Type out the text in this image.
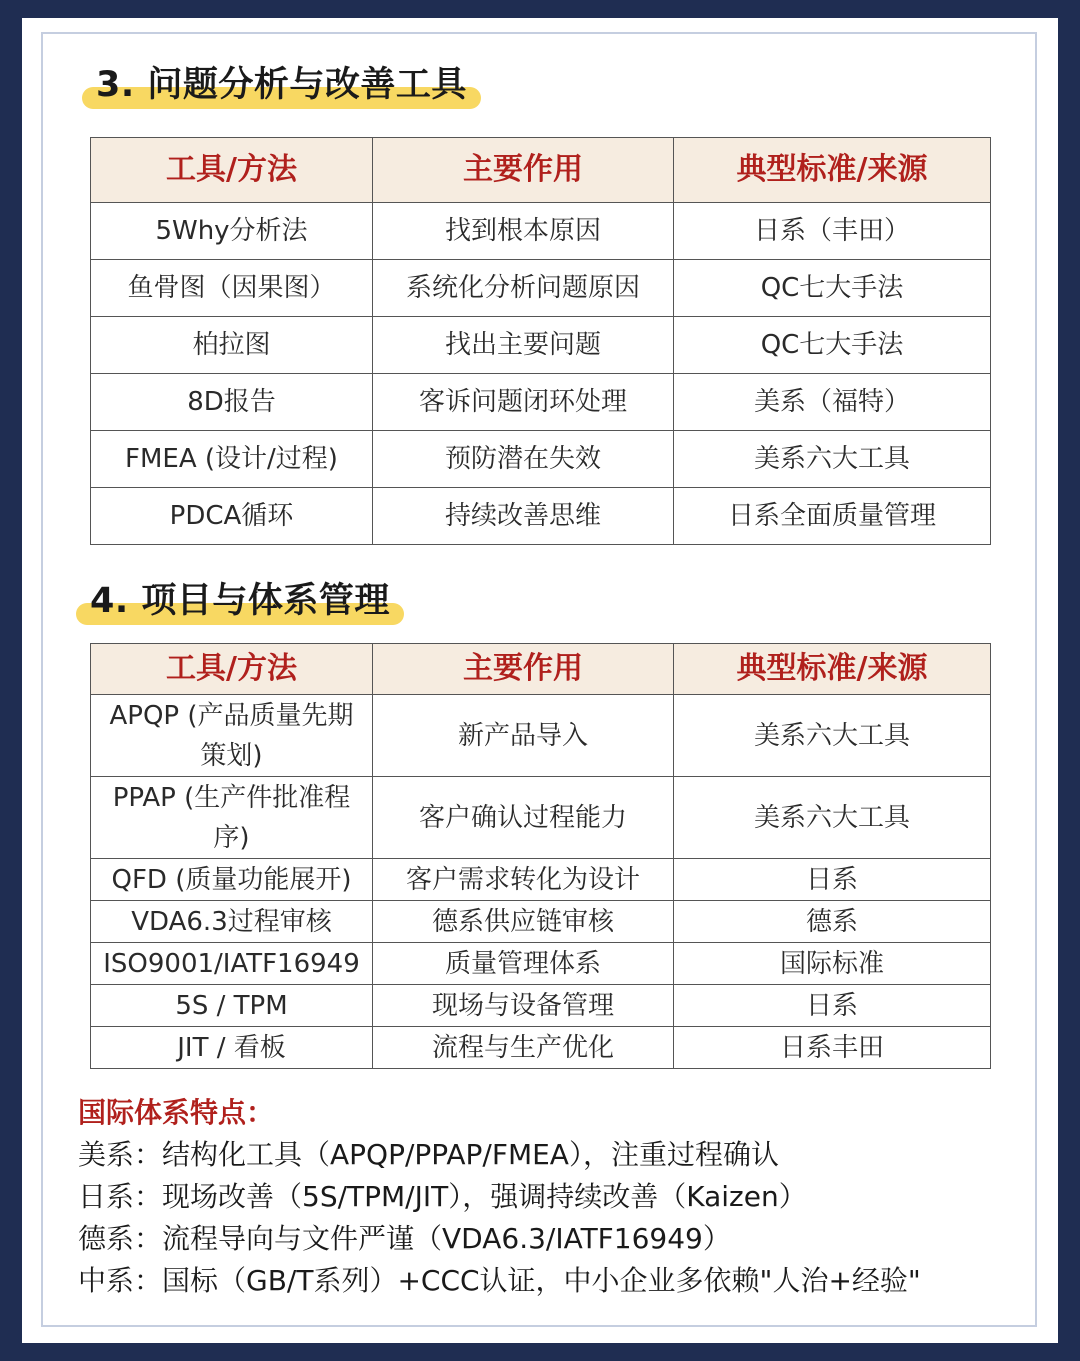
3. 问题分析与改善工具
工具/方法	主要作用	典型标准/来源
5Why分析法	找到根本原因	日系（丰田）
鱼骨图（因果图）	系统化分析问题原因	QC七大手法
柏拉图	找出主要问题	QC七大手法
8D报告	客诉问题闭环处理	美系（福特）
FMEA (设计/过程)	预防潜在失效	美系六大工具
PDCA循环	持续改善思维	日系全面质量管理
4. 项目与体系管理
工具/方法	主要作用	典型标准/来源
APQP (产品质量先期策划)	新产品导入	美系六大工具
PPAP (生产件批准程序)	客户确认过程能力	美系六大工具
QFD (质量功能展开)	客户需求转化为设计	日系
VDA6.3过程审核	德系供应链审核	德系
ISO9001/IATF16949	质量管理体系	国际标准
5S / TPM	现场与设备管理	日系
JIT / 看板	流程与生产优化	日系丰田
国际体系特点：
美系：结构化工具（APQP/PPAP/FMEA），注重过程确认
日系：现场改善（5S/TPM/JIT），强调持续改善（Kaizen）
德系：流程导向与文件严谨（VDA6.3/IATF16949）
中系：国标（GB/T系列）+CCC认证，中小企业多依赖"人治+经验"
